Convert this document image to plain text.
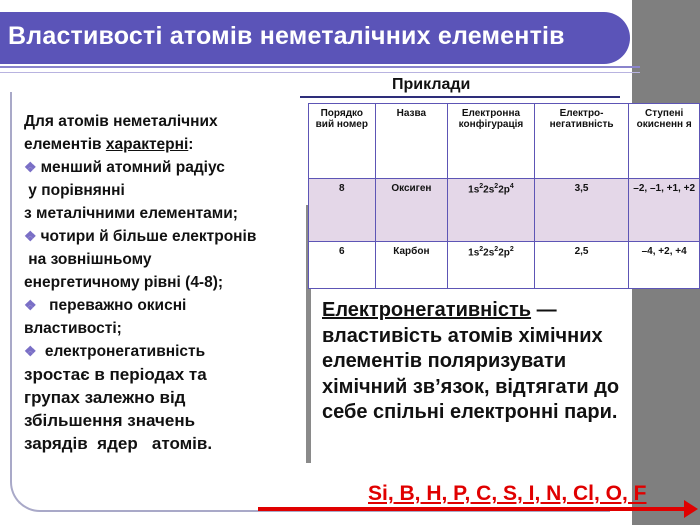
Властивості атомів неметалічних елементів
Приклади
Для атомів неметалічних
елементів характерні:
❖ менший атомний радіус
у порівнянні
з металічними елементами;
❖ чотири й більше електронів
на зовнішньому
енергетичному рівні (4-8);
❖  переважно окисні
властивості;
❖ електронегативність
зростає в періодах та
групах залежно від
збільшення значень
зарядів  ядер   атомів.
Порядко вий номер	Назва	Електронна конфігурація	Електро-негативність	Ступені окисненн я
8	Оксиген	$1s^22s^22p^4$	3,5	–2, –1, +1, +2
6	Карбон	$1s^22s^22p^2$	2,5	–4, +2, +4
Електронегативність — властивість атомів хімічних елементів поляризувати хімічний зв’язок, відтягати до себе спільні електронні пари.
Si, B, H, P, C, S, I, N, Cl, O, F
